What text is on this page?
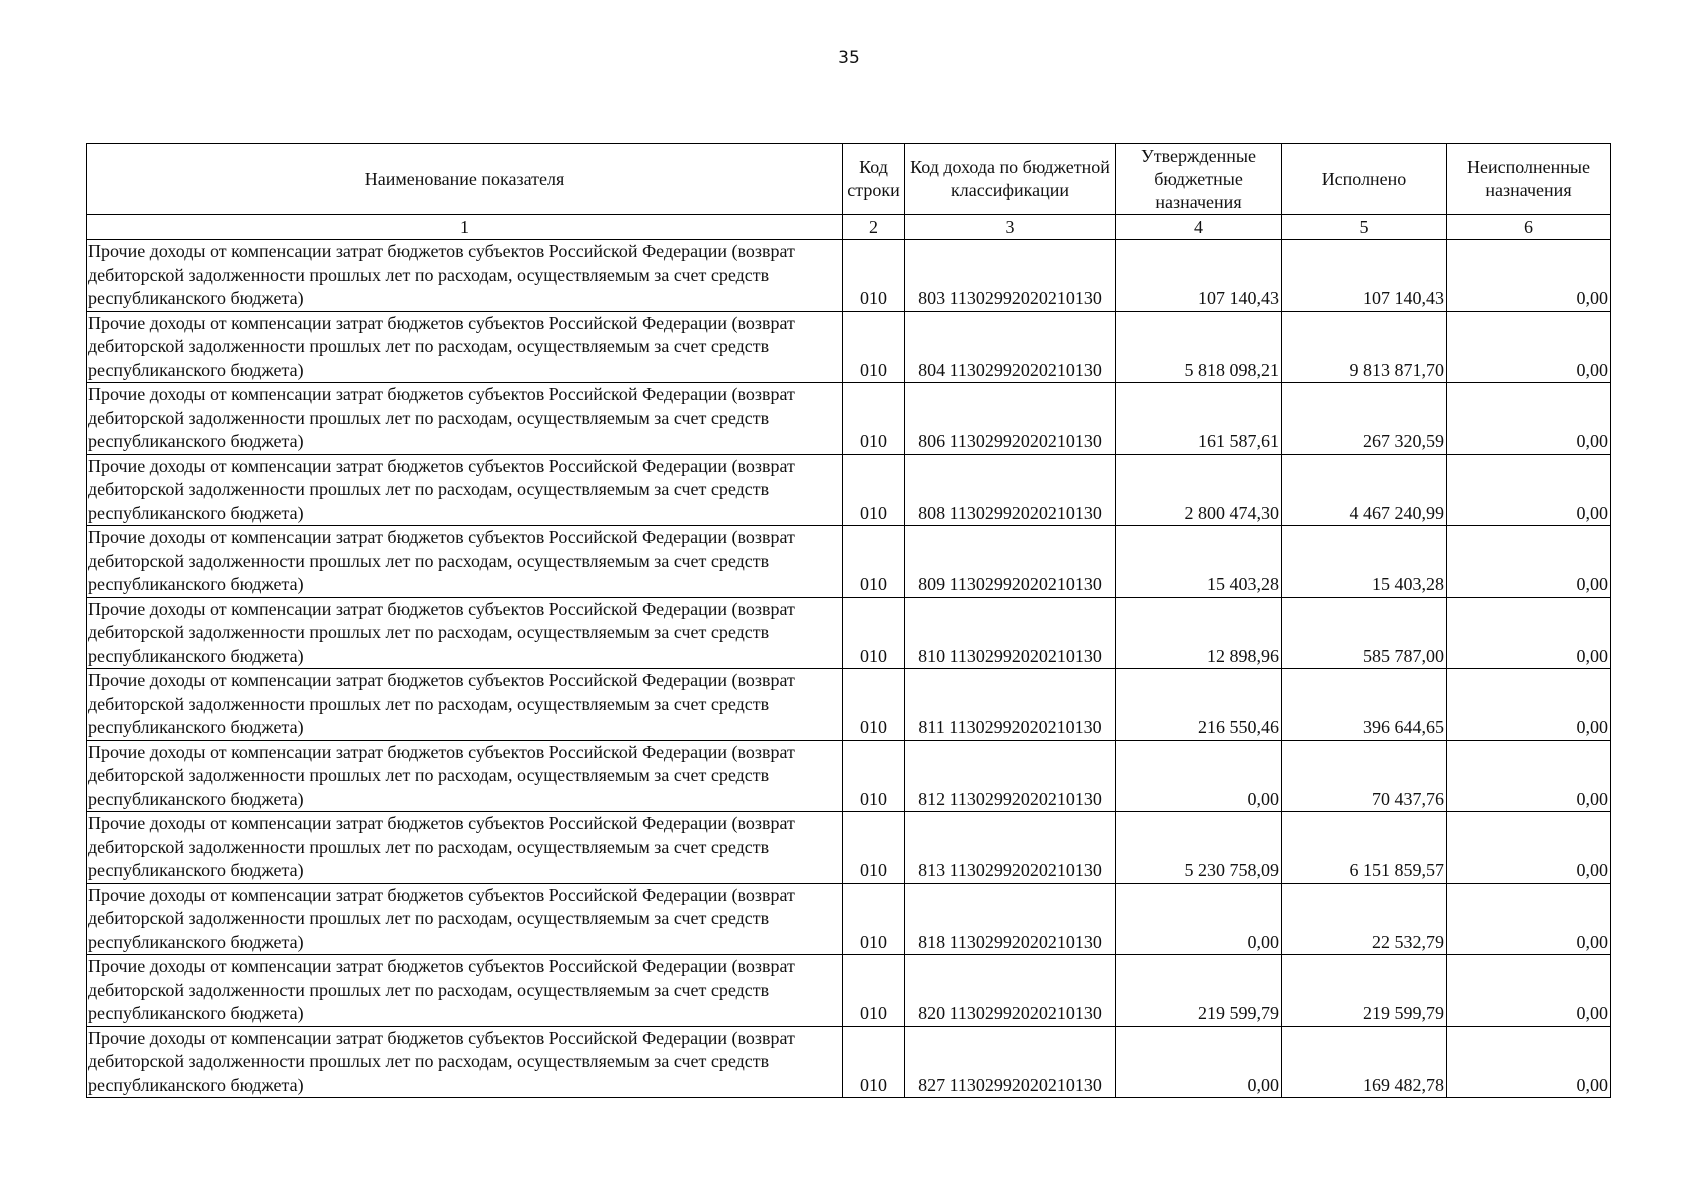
35
Наименование показателя	Код строки	Код дохода по бюджетной классификации	Утвержденные бюджетные назначения	Исполнено	Неисполненные назначения
1	2	3	4	5	6
Прочие доходы от компенсации затрат бюджетов субъектов Российской Федерации (возврат дебиторской задолженности прошлых лет по расходам, осуществляемым за счет средств республиканского бюджета)	010	803 11302992020210130	107 140,43	107 140,43	0,00
Прочие доходы от компенсации затрат бюджетов субъектов Российской Федерации (возврат дебиторской задолженности прошлых лет по расходам, осуществляемым за счет средств республиканского бюджета)	010	804 11302992020210130	5 818 098,21	9 813 871,70	0,00
Прочие доходы от компенсации затрат бюджетов субъектов Российской Федерации (возврат дебиторской задолженности прошлых лет по расходам, осуществляемым за счет средств республиканского бюджета)	010	806 11302992020210130	161 587,61	267 320,59	0,00
Прочие доходы от компенсации затрат бюджетов субъектов Российской Федерации (возврат дебиторской задолженности прошлых лет по расходам, осуществляемым за счет средств республиканского бюджета)	010	808 11302992020210130	2 800 474,30	4 467 240,99	0,00
Прочие доходы от компенсации затрат бюджетов субъектов Российской Федерации (возврат дебиторской задолженности прошлых лет по расходам, осуществляемым за счет средств республиканского бюджета)	010	809 11302992020210130	15 403,28	15 403,28	0,00
Прочие доходы от компенсации затрат бюджетов субъектов Российской Федерации (возврат дебиторской задолженности прошлых лет по расходам, осуществляемым за счет средств республиканского бюджета)	010	810 11302992020210130	12 898,96	585 787,00	0,00
Прочие доходы от компенсации затрат бюджетов субъектов Российской Федерации (возврат дебиторской задолженности прошлых лет по расходам, осуществляемым за счет средств республиканского бюджета)	010	811 11302992020210130	216 550,46	396 644,65	0,00
Прочие доходы от компенсации затрат бюджетов субъектов Российской Федерации (возврат дебиторской задолженности прошлых лет по расходам, осуществляемым за счет средств республиканского бюджета)	010	812 11302992020210130	0,00	70 437,76	0,00
Прочие доходы от компенсации затрат бюджетов субъектов Российской Федерации (возврат дебиторской задолженности прошлых лет по расходам, осуществляемым за счет средств республиканского бюджета)	010	813 11302992020210130	5 230 758,09	6 151 859,57	0,00
Прочие доходы от компенсации затрат бюджетов субъектов Российской Федерации (возврат дебиторской задолженности прошлых лет по расходам, осуществляемым за счет средств республиканского бюджета)	010	818 11302992020210130	0,00	22 532,79	0,00
Прочие доходы от компенсации затрат бюджетов субъектов Российской Федерации (возврат дебиторской задолженности прошлых лет по расходам, осуществляемым за счет средств республиканского бюджета)	010	820 11302992020210130	219 599,79	219 599,79	0,00
Прочие доходы от компенсации затрат бюджетов субъектов Российской Федерации (возврат дебиторской задолженности прошлых лет по расходам, осуществляемым за счет средств республиканского бюджета)	010	827 11302992020210130	0,00	169 482,78	0,00
